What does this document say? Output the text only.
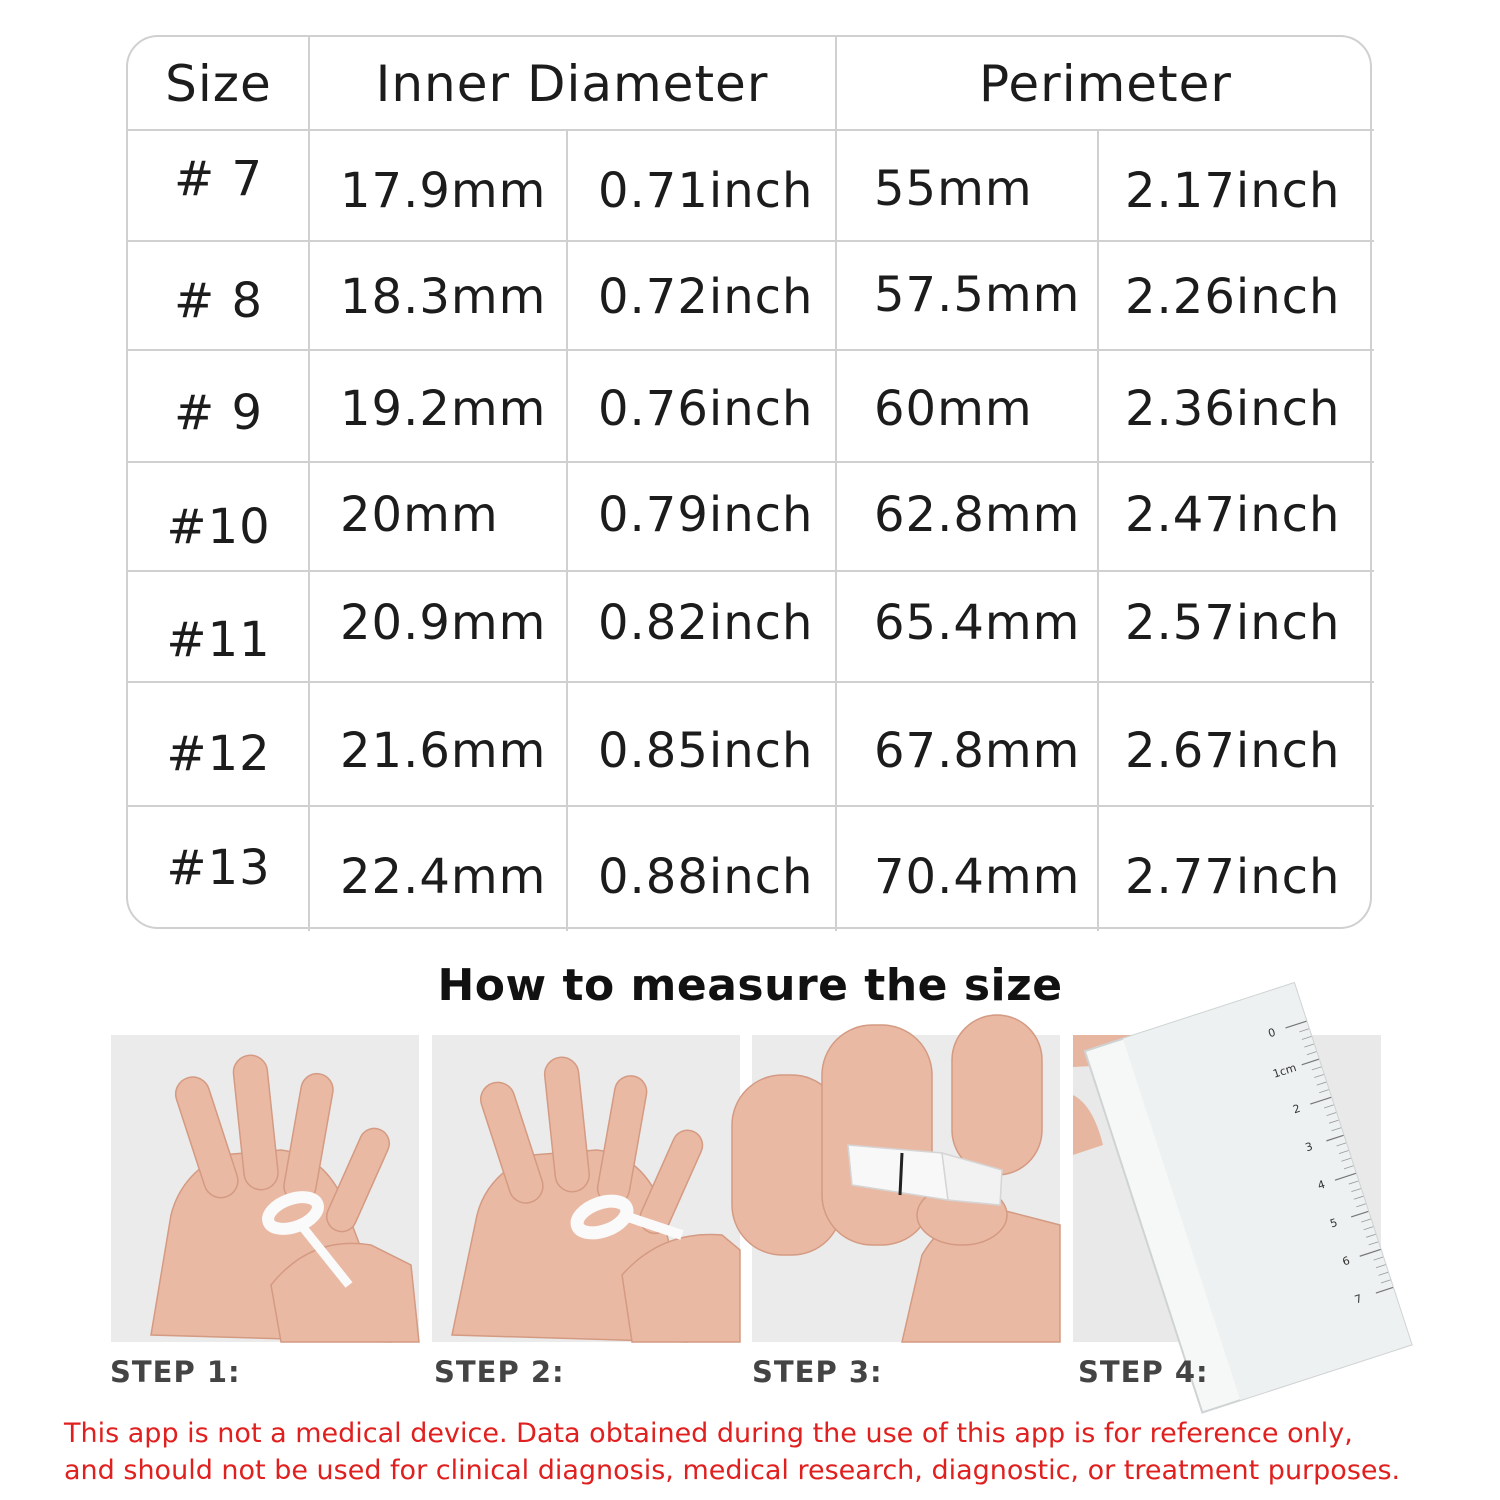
Size	Inner Diameter	Perimeter
# 7	17.9mm	0.71inch	55mm	2.17inch
# 8	18.3mm	0.72inch	57.5mm 2.26inch
# 9	19.2mm	0.76inch	60mm	2.36inch
#10	20mm	0.79inch	62.8mm 2.47inch
#11	20.9mm	0.82inch	65.4mm 2.57inch
#12	21.6mm	0.85inch	67.8mm 2.67inch
#13	22.4mm	0.88inch	70.4mm 2.77inch
How to measure the size
0
1cm
2
3
4
5
6
7
STEP 1:	STEP 2:	STEP 3:	STEP 4:
This app is not a medical device. Data obtained during the use of this app is for reference only,
and should not be used for clinical diagnosis, medical research, diagnostic, or treatment purposes.
